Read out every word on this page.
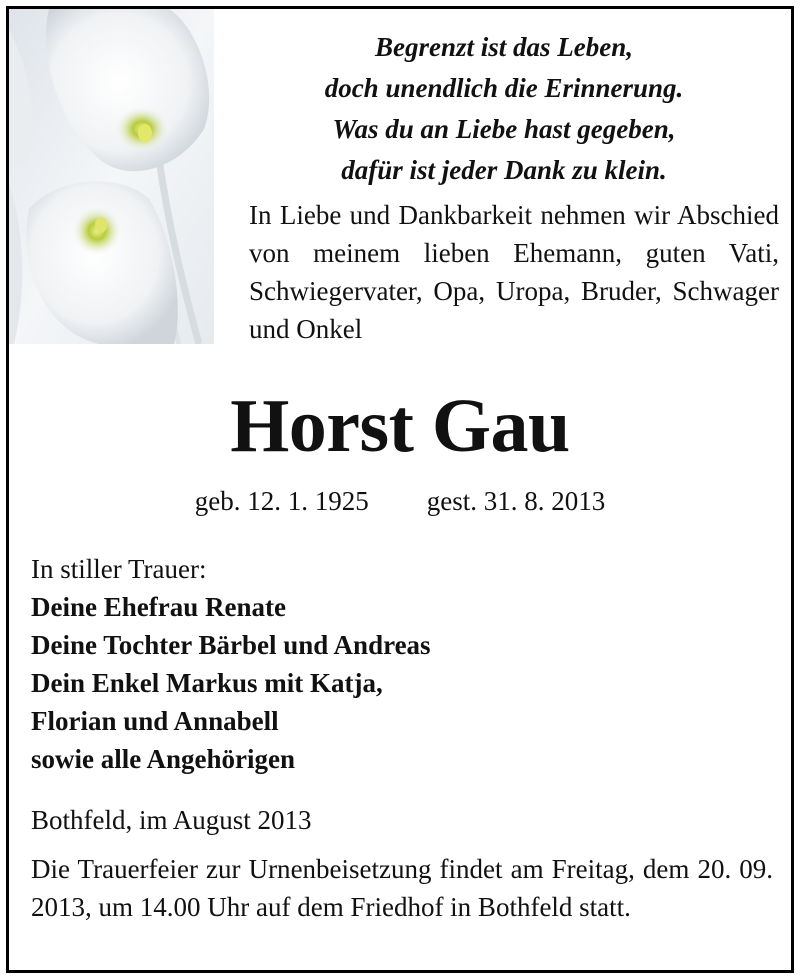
Begrenzt ist das Leben,
doch unendlich die Erinnerung.
Was du an Liebe hast gegeben,
dafür ist jeder Dank zu klein.
In Liebe und Dankbarkeit nehmen wir Abschied von meinem lieben Ehemann, guten Vati, Schwiegervater, Opa, Uropa, Bruder, Schwager und Onkel
Horst Gau
geb. 12. 1. 1925 gest. 31. 8. 2013
In stiller Trauer:
Deine Ehefrau Renate
Deine Tochter Bärbel und Andreas
Dein Enkel Markus mit Katja,
Florian und Annabell
sowie alle Angehörigen
Bothfeld, im August 2013
Die Trauerfeier zur Urnenbeisetzung findet am Freitag, dem 20. 09. 2013, um 14.00 Uhr auf dem Friedhof in Bothfeld statt.
